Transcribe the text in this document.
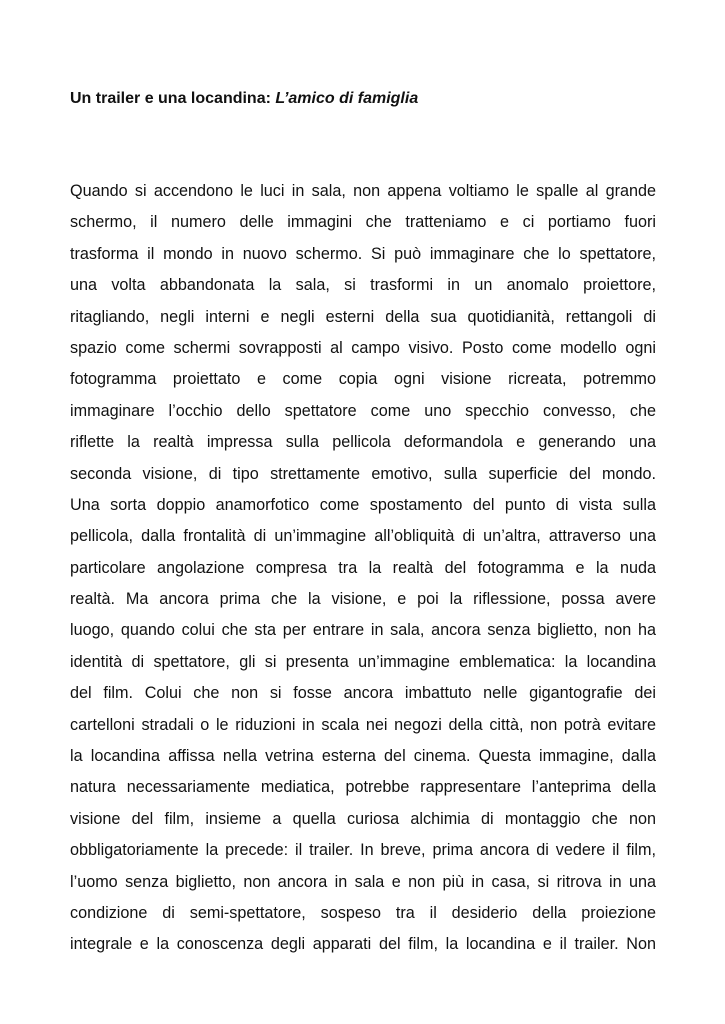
Un trailer e una locandina: L’amico di famiglia
Quando si accendono le luci in sala, non appena voltiamo le spalle al grande
schermo, il numero delle immagini che tratteniamo e ci portiamo fuori
trasforma il mondo in nuovo schermo. Si può immaginare che lo spettatore,
una volta abbandonata la sala, si trasformi in un anomalo proiettore,
ritagliando, negli interni e negli esterni della sua quotidianità, rettangoli di
spazio come schermi sovrapposti al campo visivo. Posto come modello ogni
fotogramma proiettato e come copia ogni visione ricreata, potremmo
immaginare l’occhio dello spettatore come uno specchio convesso, che
riflette la realtà impressa sulla pellicola deformandola e generando una
seconda visione, di tipo strettamente emotivo, sulla superficie del mondo.
Una sorta doppio anamorfotico come spostamento del punto di vista sulla
pellicola, dalla frontalità di un’immagine all’obliquità di un’altra, attraverso una
particolare angolazione compresa tra la realtà del fotogramma e la nuda
realtà. Ma ancora prima che la visione, e poi la riflessione, possa avere
luogo, quando colui che sta per entrare in sala, ancora senza biglietto, non ha
identità di spettatore, gli si presenta un’immagine emblematica: la locandina
del film. Colui che non si fosse ancora imbattuto nelle gigantografie dei
cartelloni stradali o le riduzioni in scala nei negozi della città, non potrà evitare
la locandina affissa nella vetrina esterna del cinema. Questa immagine, dalla
natura necessariamente mediatica, potrebbe rappresentare l’anteprima della
visione del film, insieme a quella curiosa alchimia di montaggio che non
obbligatoriamente la precede: il trailer. In breve, prima ancora di vedere il film,
l’uomo senza biglietto, non ancora in sala e non più in casa, si ritrova in una
condizione di semi-spettatore, sospeso tra il desiderio della proiezione
integrale e la conoscenza degli apparati del film, la locandina e il trailer. Non
